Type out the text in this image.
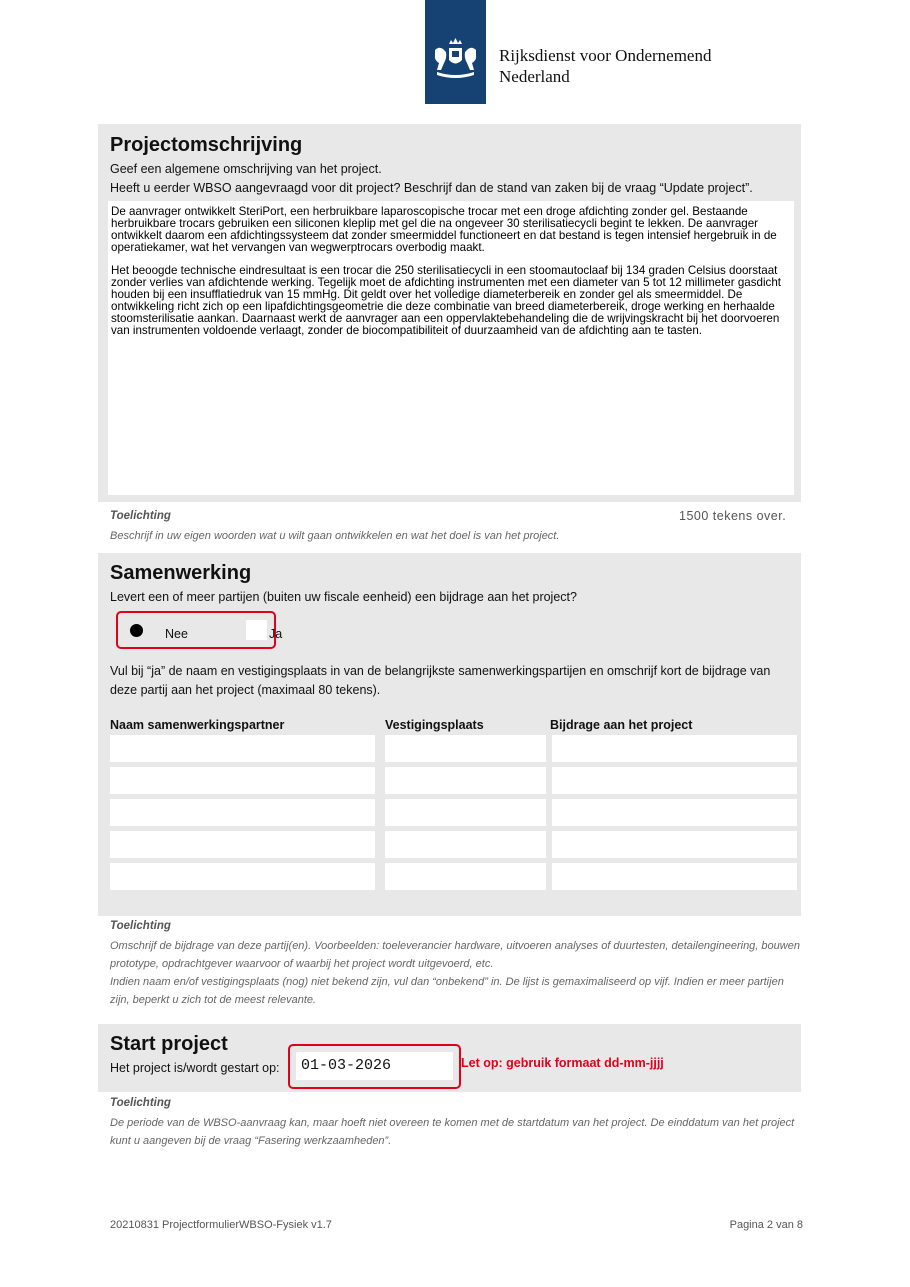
Rijksdienst voor Ondernemend
Nederland
Projectomschrijving
Geef een algemene omschrijving van het project.
Heeft u eerder WBSO aangevraagd voor dit project? Beschrijf dan de stand van zaken bij de vraag “Update project”.

De aanvrager ontwikkelt SteriPort, een herbruikbare laparoscopische trocar met een droge afdichting zonder gel. Bestaande herbruikbare trocars gebruiken een siliconen kleplip met gel die na ongeveer 30 sterilisatiecycli begint te lekken. De aanvrager ontwikkelt daarom een afdichtingssysteem dat zonder smeermiddel functioneert en dat bestand is tegen intensief hergebruik in de operatiekamer, wat het vervangen van wegwerptrocars overbodig maakt.

Het beoogde technische eindresultaat is een trocar die 250 sterilisatiecycli in een stoomautoclaaf bij 134 graden Celsius doorstaat zonder verlies van afdichtende werking. Tegelijk moet de afdichting instrumenten met een diameter van 5 tot 12 millimeter gasdicht houden bij een insufflatiedruk van 15 mmHg. Dit geldt over het volledige diameterbereik en zonder gel als smeermiddel. De ontwikkeling richt zich op een lipafdichtingsgeometrie die deze combinatie van breed diameterbereik, droge werking en herhaalde stoomsterilisatie aankan. Daarnaast werkt de aanvrager aan een oppervlaktebehandeling die de wrijvingskracht bij het doorvoeren van instrumenten voldoende verlaagt, zonder de biocompatibiliteit of duurzaamheid van de afdichting aan te tasten.

1500 tekens over.
Toelichting
Beschrijf in uw eigen woorden wat u wilt gaan ontwikkelen en wat het doel is van het project.
Samenwerking
Levert een of meer partijen (buiten uw fiscale eenheid) een bijdrage aan het project?
Nee	Ja
Vul bij “ja” de naam en vestigingsplaats in van de belangrijkste samenwerkingspartijen en omschrijf kort de bijdrage van
deze partij aan het project (maximaal 80 tekens).
Naam samenwerkingspartner	Vestigingsplaats	Bijdrage aan het project
Toelichting
Omschrijf de bijdrage van deze partij(en). Voorbeelden: toeleverancier hardware, uitvoeren analyses of duurtesten, detailengineering, bouwen
prototype, opdrachtgever waarvoor of waarbij het project wordt uitgevoerd, etc.
Indien naam en/of vestigingsplaats (nog) niet bekend zijn, vul dan “onbekend” in. De lijst is gemaximaliseerd op vijf. Indien er meer partijen
zijn, beperkt u zich tot de meest relevante.
Start project
Het project is/wordt gestart op:	01-03-2026	Let op: gebruik formaat dd-mm-jjjj
Toelichting
De periode van de WBSO-aanvraag kan, maar hoeft niet overeen te komen met de startdatum van het project. De einddatum van het project
kunt u aangeven bij de vraag “Fasering werkzaamheden”.
20210831 ProjectformulierWBSO-Fysiek v1.7	Pagina 2 van 8
